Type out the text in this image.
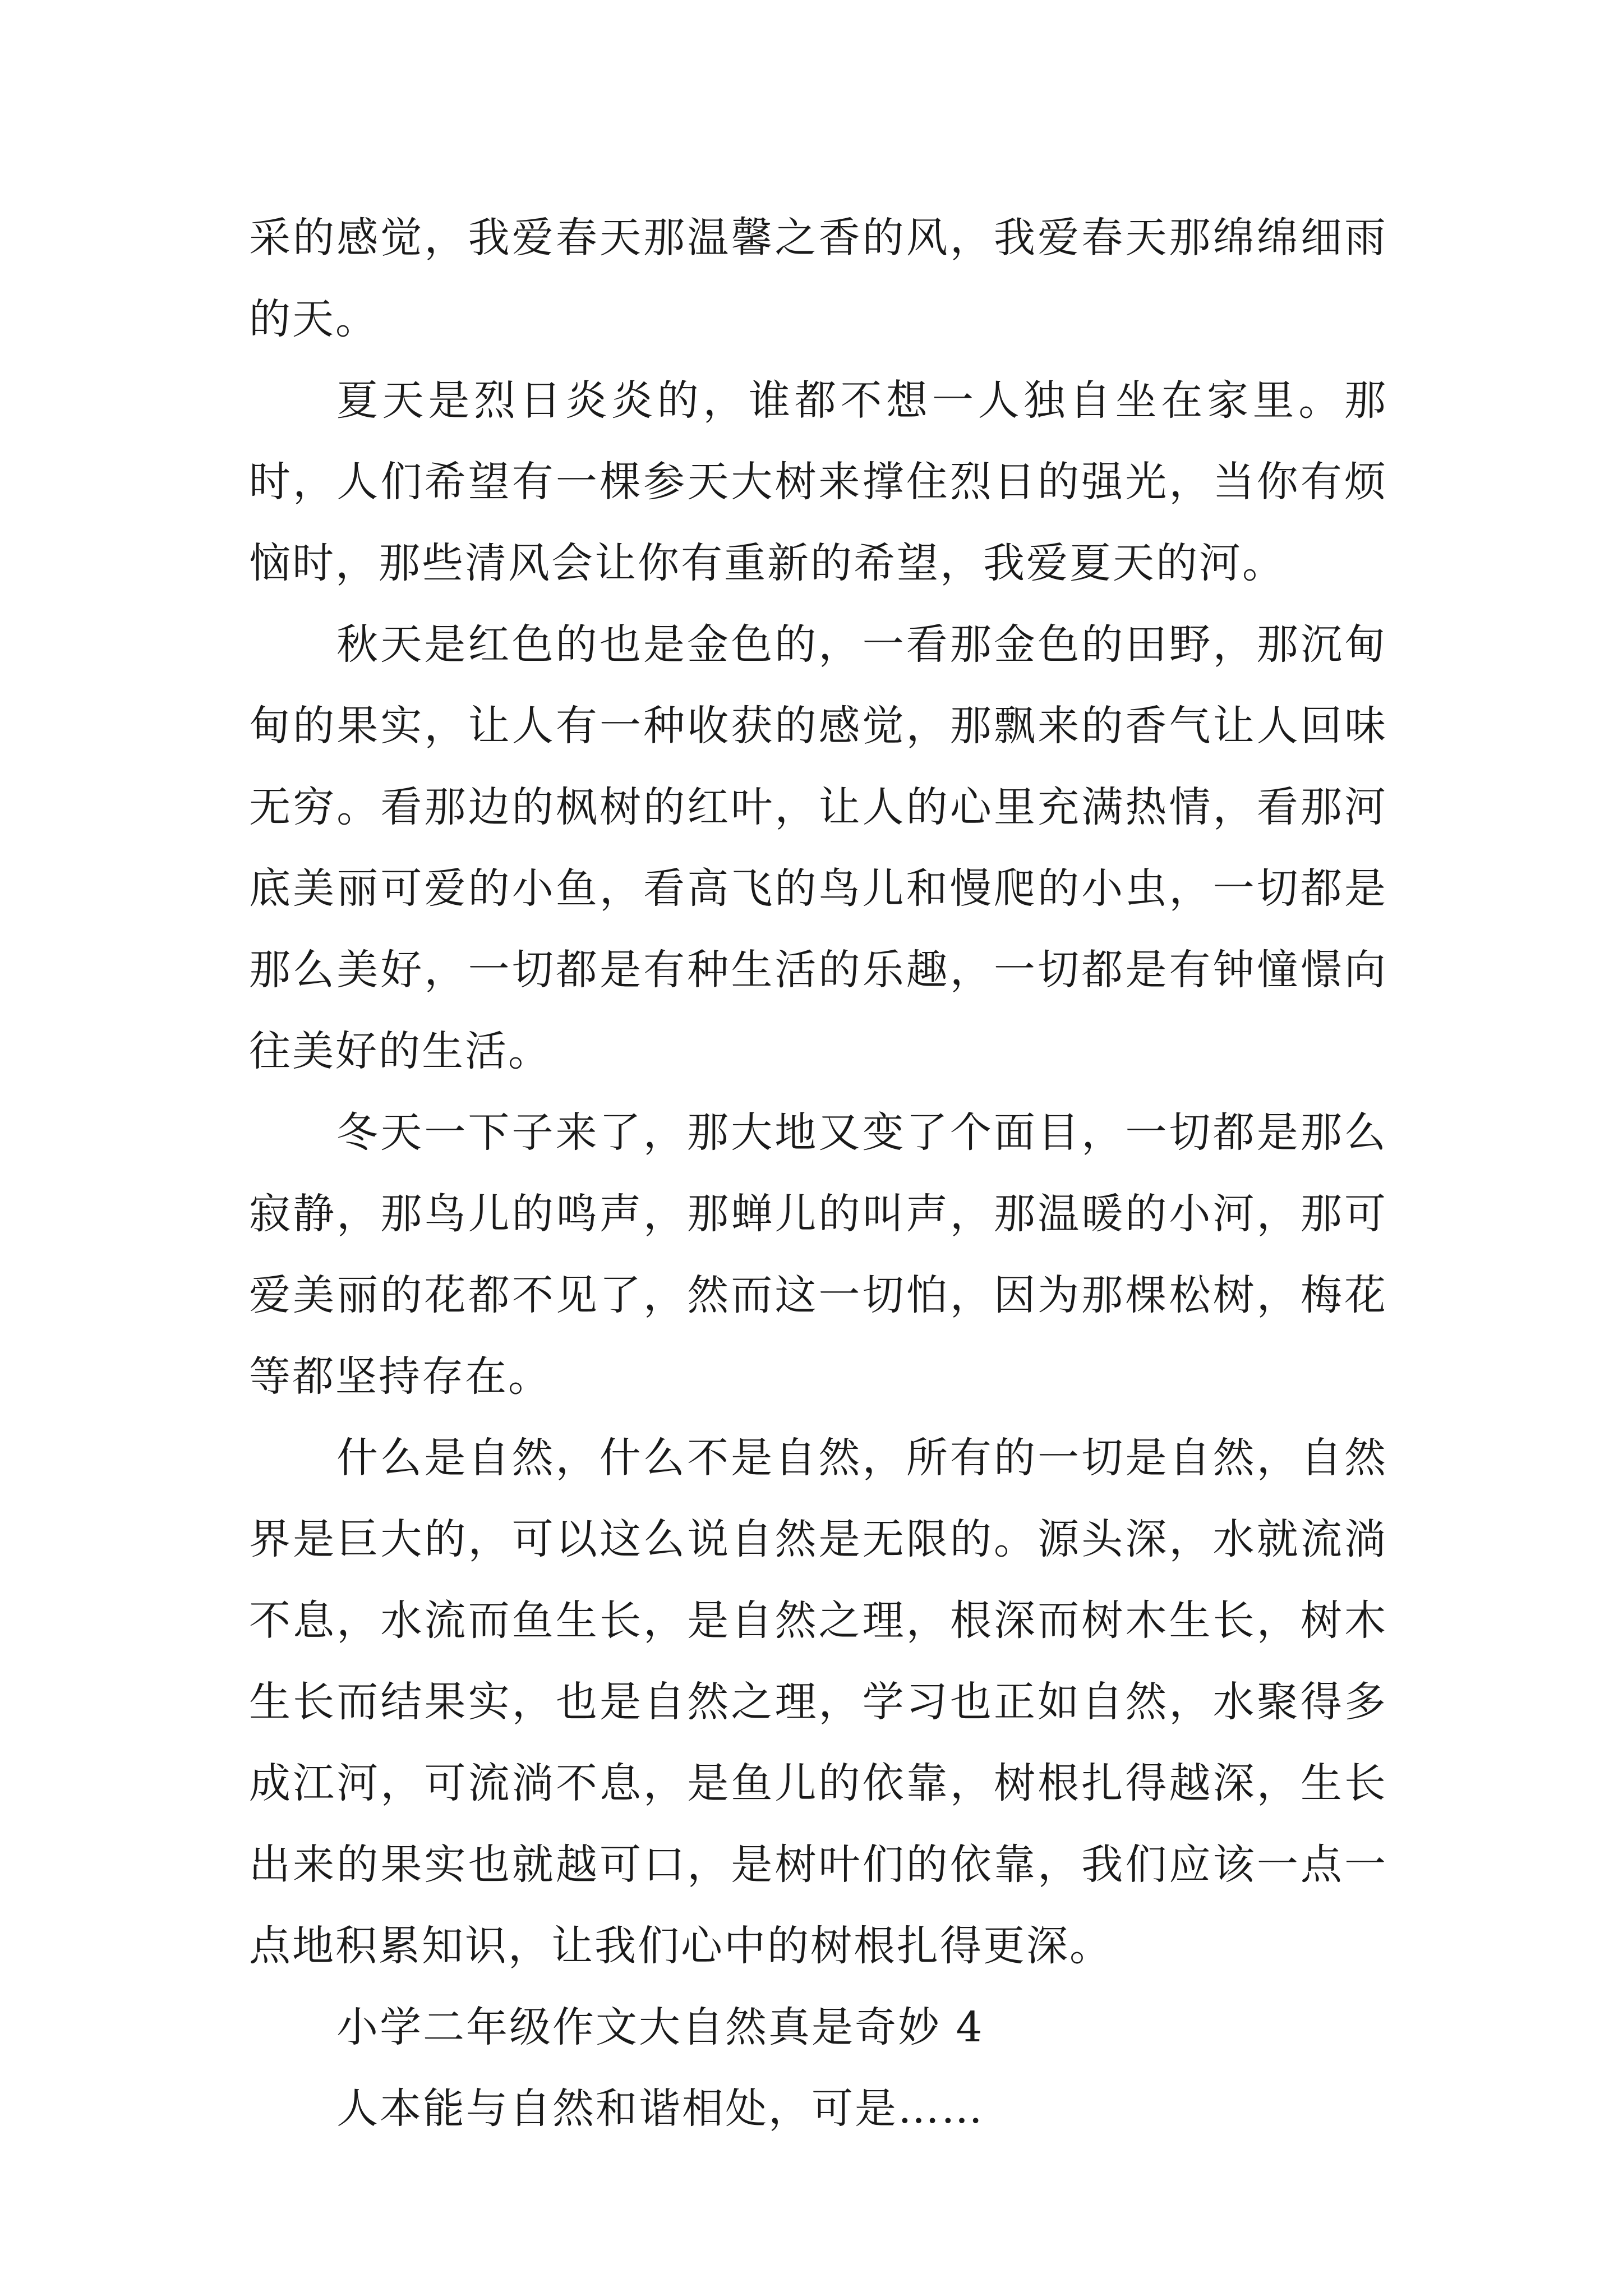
采的感觉，我爱春天那温馨之香的风，我爱春天那绵绵细雨的天。

夏天是烈日炎炎的，谁都不想一人独自坐在家里。那时，人们希望有一棵参天大树来撑住烈日的强光，当你有烦恼时，那些清风会让你有重新的希望，我爱夏天的河。

秋天是红色的也是金色的，一看那金色的田野，那沉甸甸的果实，让人有一种收获的感觉，那飘来的香气让人回味无穷。看那边的枫树的红叶，让人的心里充满热情，看那河底美丽可爱的小鱼，看高飞的鸟儿和慢爬的小虫，一切都是那么美好，一切都是有种生活的乐趣，一切都是有钟憧憬向往美好的生活。

冬天一下子来了，那大地又变了个面目，一切都是那么寂静，那鸟儿的鸣声，那蝉儿的叫声，那温暖的小河，那可爱美丽的花都不见了，然而这一切怕，因为那棵松树，梅花等都坚持存在。

什么是自然，什么不是自然，所有的一切是自然，自然界是巨大的，可以这么说自然是无限的。源头深，水就流淌不息，水流而鱼生长，是自然之理，根深而树木生长，树木生长而结果实，也是自然之理，学习也正如自然，水聚得多成江河，可流淌不息，是鱼儿的依靠，树根扎得越深，生长出来的果实也就越可口，是树叶们的依靠，我们应该一点一点地积累知识，让我们心中的树根扎得更深。

小学二年级作文大自然真是奇妙 4

人本能与自然和谐相处，可是……
